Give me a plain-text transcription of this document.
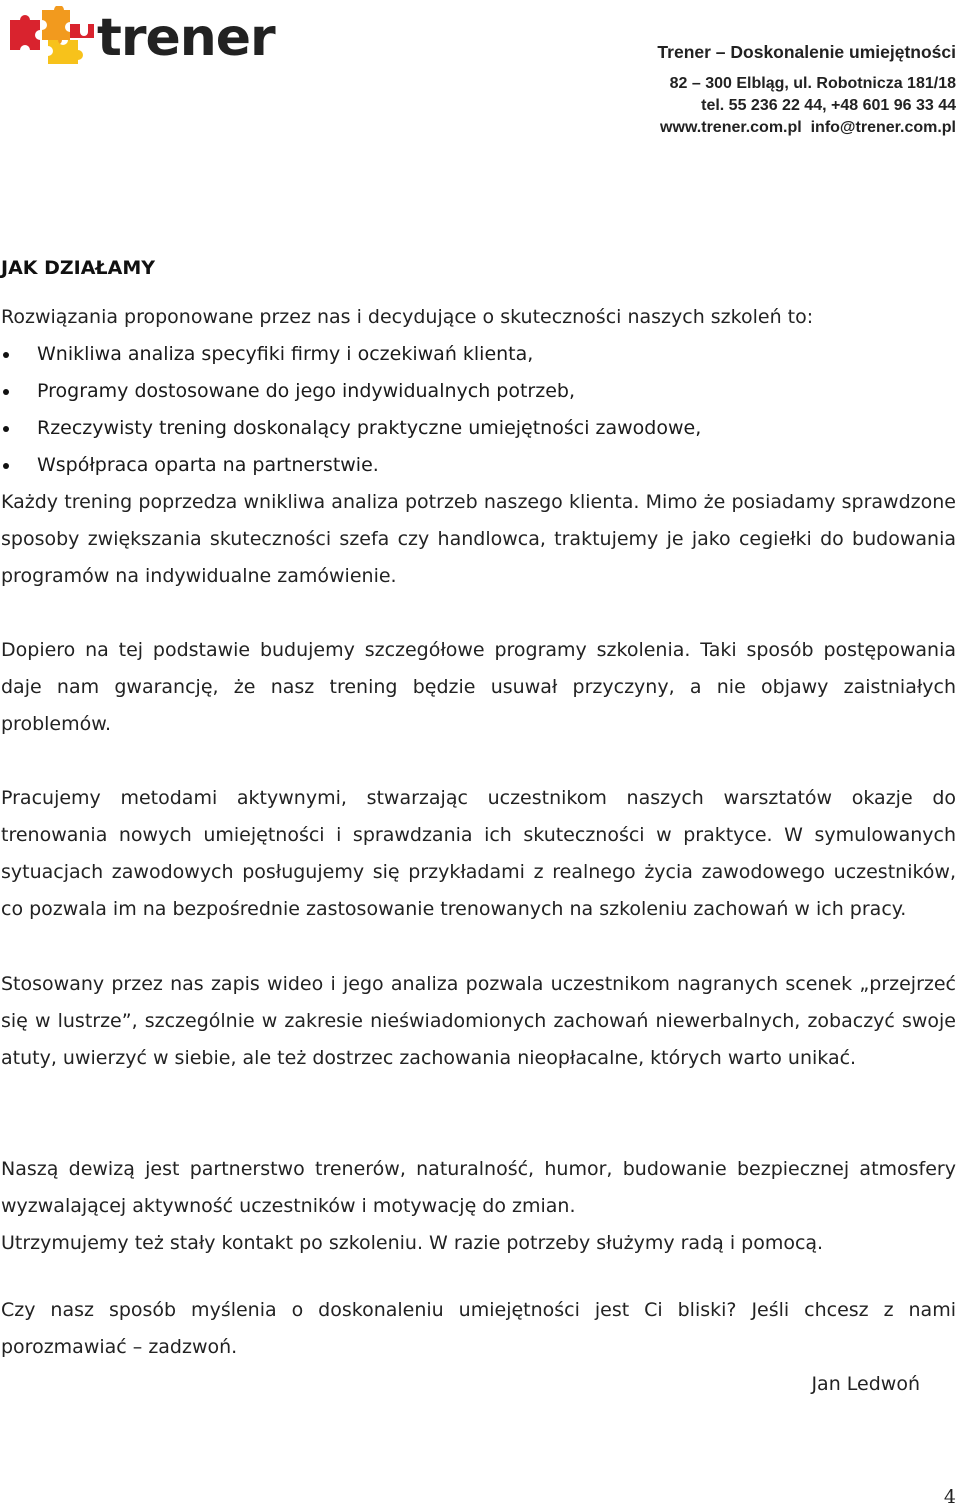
trener	Trener – Doskonalenie umiejętności
82 – 300 Elbląg, ul. Robotnicza 181/18
tel. 55 236 22 44, +48 601 96 33 44
www.trener.com.pl  info@trener.com.pl
JAK DZIAŁAMY
Rozwiązania proponowane przez nas i decydujące o skuteczności naszych szkoleń to:
Wnikliwa analiza specyfiki firmy i oczekiwań klienta,
Programy dostosowane do jego indywidualnych potrzeb,
Rzeczywisty trening doskonalący praktyczne umiejętności zawodowe,
Współpraca oparta na partnerstwie.
Każdy trening poprzedza wnikliwa analiza potrzeb naszego klienta. Mimo że posiadamy sprawdzone sposoby zwiększania skuteczności szefa czy handlowca, traktujemy je jako cegiełki do budowania programów na indywidualne zamówienie.
Dopiero na tej podstawie budujemy szczegółowe programy szkolenia. Taki sposób postępowania daje nam gwarancję, że nasz trening będzie usuwał przyczyny, a nie objawy zaistniałych problemów.
Pracujemy metodami aktywnymi, stwarzając uczestnikom naszych warsztatów okazje do trenowania nowych umiejętności i sprawdzania ich skuteczności w praktyce. W symulowanych sytuacjach zawodowych posługujemy się przykładami z realnego życia zawodowego uczestników, co pozwala im na bezpośrednie zastosowanie trenowanych na szkoleniu zachowań w ich pracy.
Stosowany przez nas zapis wideo i jego analiza pozwala uczestnikom nagranych scenek „przejrzeć się w lustrze”, szczególnie w zakresie nieświadomionych zachowań niewerbalnych, zobaczyć swoje atuty, uwierzyć w siebie, ale też dostrzec zachowania nieopłacalne, których warto unikać.
Naszą dewizą jest partnerstwo trenerów, naturalność, humor, budowanie bezpiecznej atmosfery wyzwalającej aktywność uczestników i motywację do zmian.
Utrzymujemy też stały kontakt po szkoleniu. W razie potrzeby służymy radą i pomocą.
Czy nasz sposób myślenia o doskonaleniu umiejętności jest Ci bliski? Jeśli chcesz z nami porozmawiać – zadzwoń.
Jan Ledwoń
4
